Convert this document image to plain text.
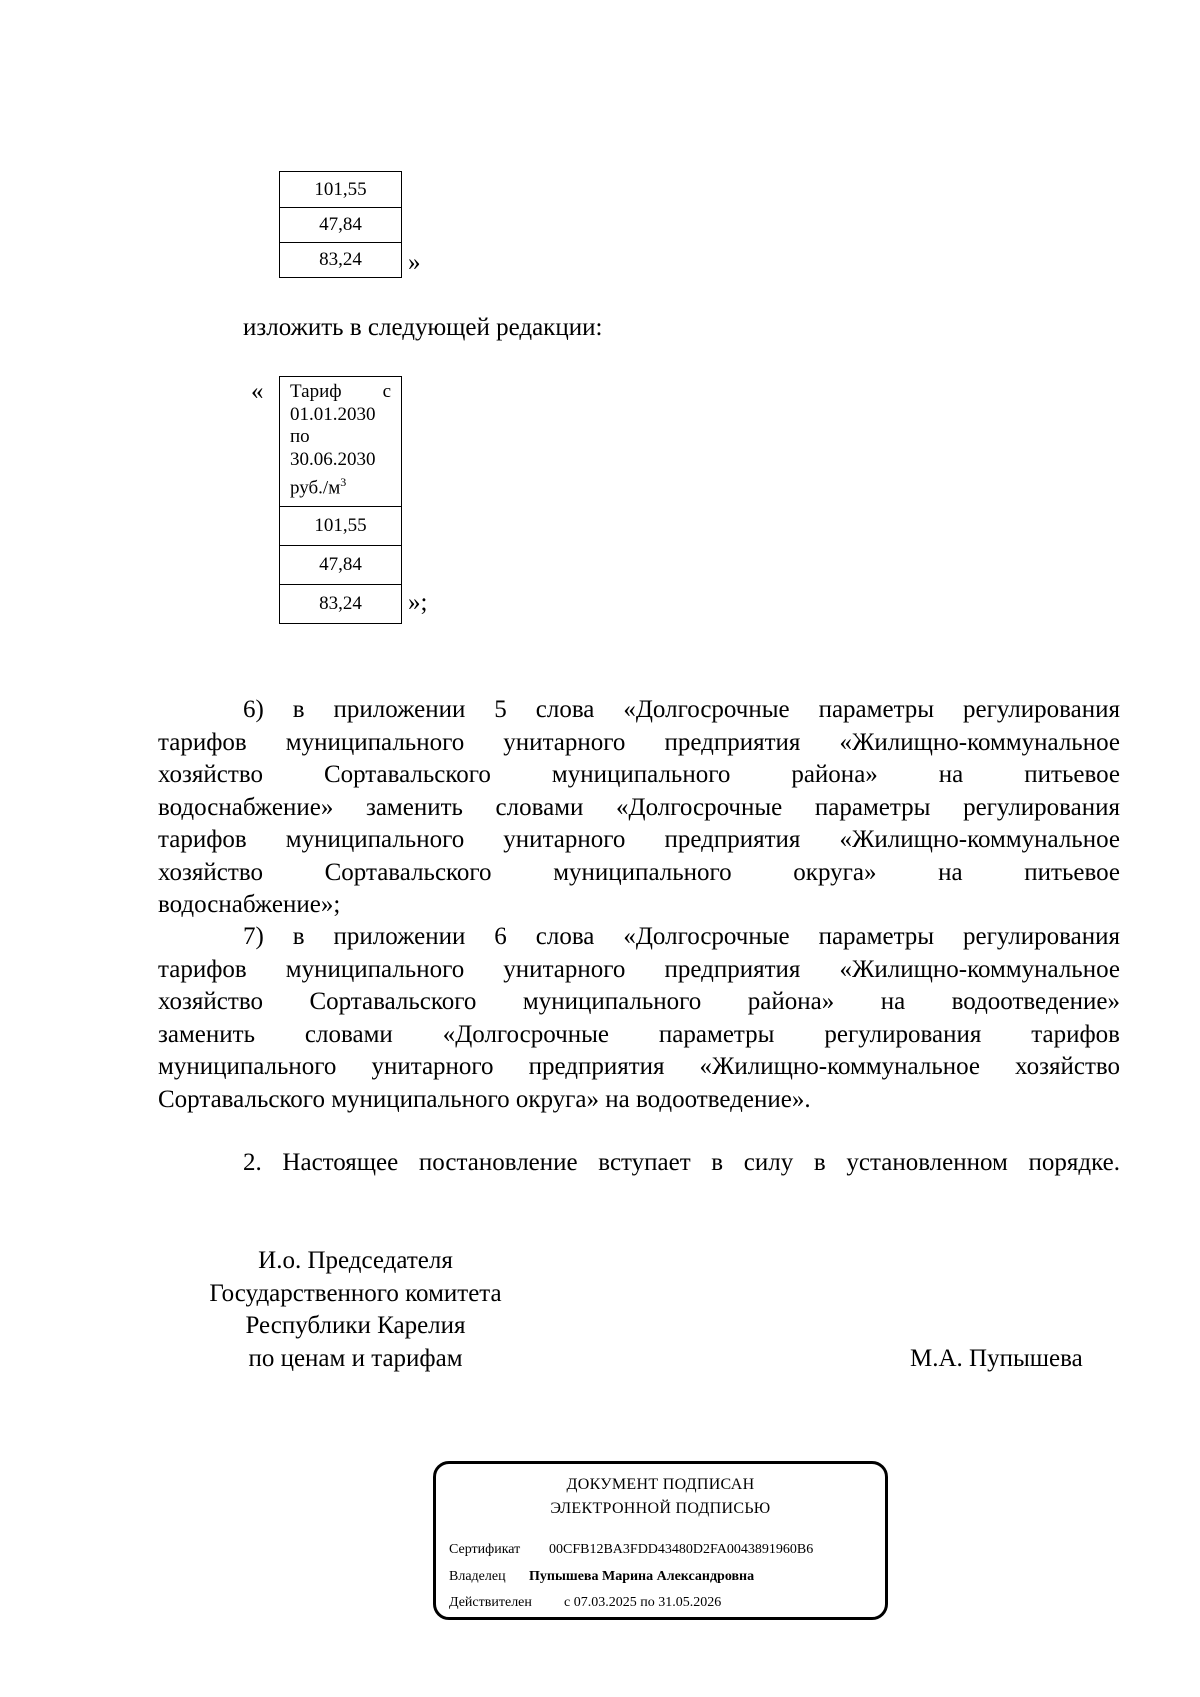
101,55
47,84
83,24	»
изложить в следующей редакции:
« Тариф с
01.01.2030
по
30.06.2030
$руб./м^3$
101,55
47,84
83,24	»;
6) в приложении 5 слова «Долгосрочные параметры регулирования
тарифов муниципального унитарного предприятия «Жилищно-коммунальное
хозяйство Сортавальского муниципального района» на питьевое
водоснабжение» заменить словами «Долгосрочные параметры регулирования
тарифов муниципального унитарного предприятия «Жилищно-коммунальное
хозяйство Сортавальского муниципального округа» на питьевое
водоснабжение»;
7) в приложении 6 слова «Долгосрочные параметры регулирования
тарифов муниципального унитарного предприятия «Жилищно-коммунальное
хозяйство Сортавальского муниципального района» на водоотведение»
заменить словами «Долгосрочные параметры регулирования тарифов
муниципального унитарного предприятия «Жилищно-коммунальное хозяйство
Сортавальского муниципального округа» на водоотведение».
2. Настоящее постановление вступает в силу в установленном порядке.
И.о. Председателя
Государственного комитета
Республики Карелия
по ценам и тарифам	М.А. Пупышева
ДОКУМЕНТ ПОДПИСАН
ЭЛЕКТРОННОЙ ПОДПИСЬЮ
Сертификат 00CFB12BA3FDD43480D2FA0043891960B6
Владелец Пупышева Марина Александровна
Действителен с 07.03.2025 по 31.05.2026
